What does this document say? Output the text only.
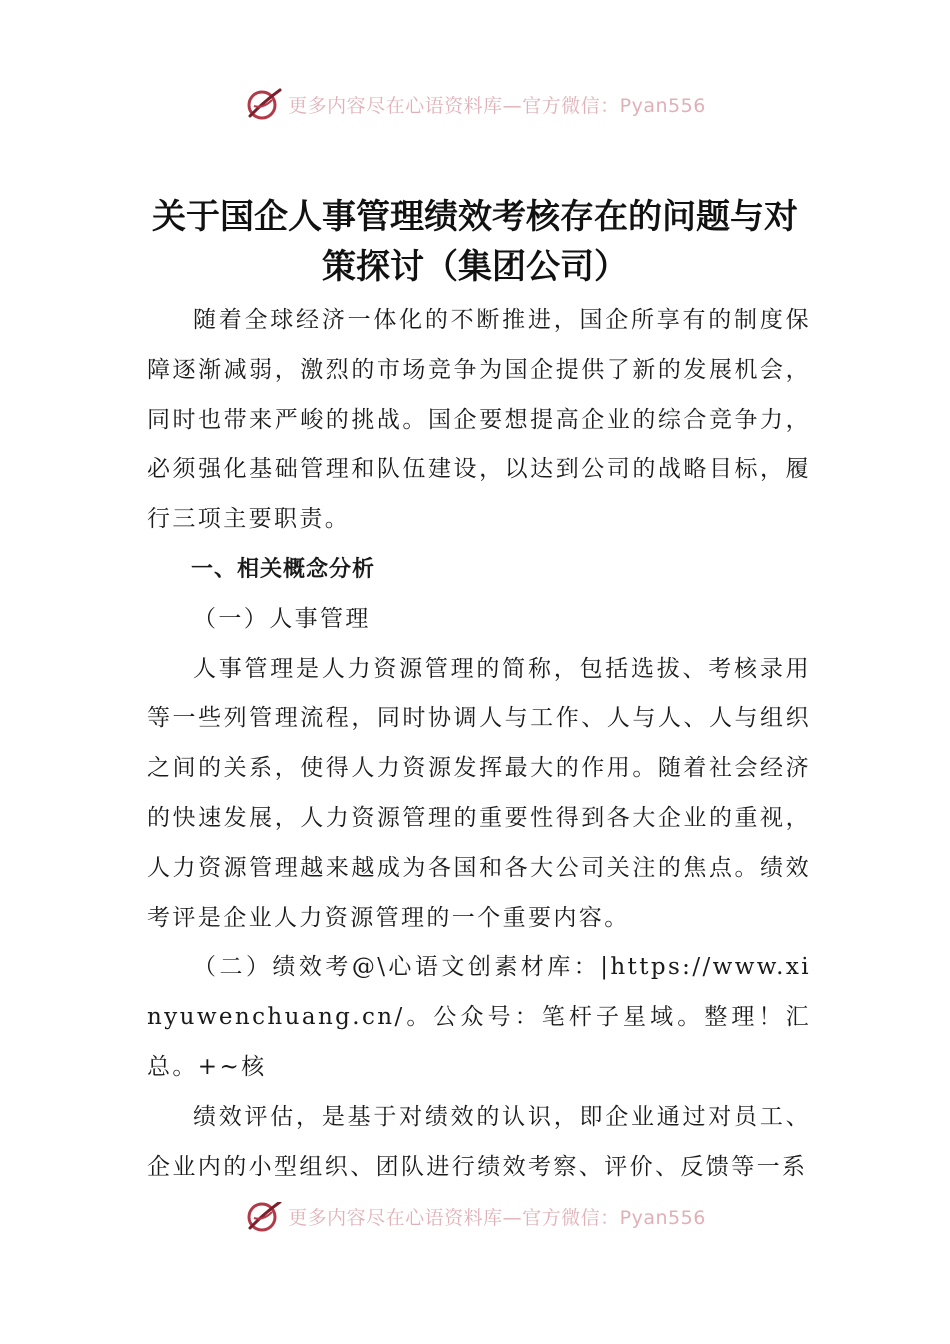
更多内容尽在心语资料库—官方微信：Pyan556
关于国企人事管理绩效考核存在的问题与对策探讨（集团公司）

随着全球经济一体化的不断推进，国企所享有的制度保障逐渐减弱，激烈的市场竞争为国企提供了新的发展机会，同时也带来严峻的挑战。国企要想提高企业的综合竞争力，必须强化基础管理和队伍建设，以达到公司的战略目标，履行三项主要职责。

一、相关概念分析

（一）人事管理

人事管理是人力资源管理的简称，包括选拔、考核录用等一些列管理流程，同时协调人与工作、人与人、人与组织之间的关系，使得人力资源发挥最大的作用。随着社会经济的快速发展，人力资源管理的重要性得到各大企业的重视，人力资源管理越来越成为各国和各大公司关注的焦点。绩效考评是企业人力资源管理的一个重要内容。

（二）绩效考@\心语文创素材库：|https://www.xinyuwenchuang.cn/。公众号：笔杆子星域。整理！汇总。+~核

绩效评估，是基于对绩效的认识，即企业通过对员工、企业内的小型组织、团队进行绩效考察、评价、反馈等一系

更多内容尽在心语资料库—官方微信：Pyan556
